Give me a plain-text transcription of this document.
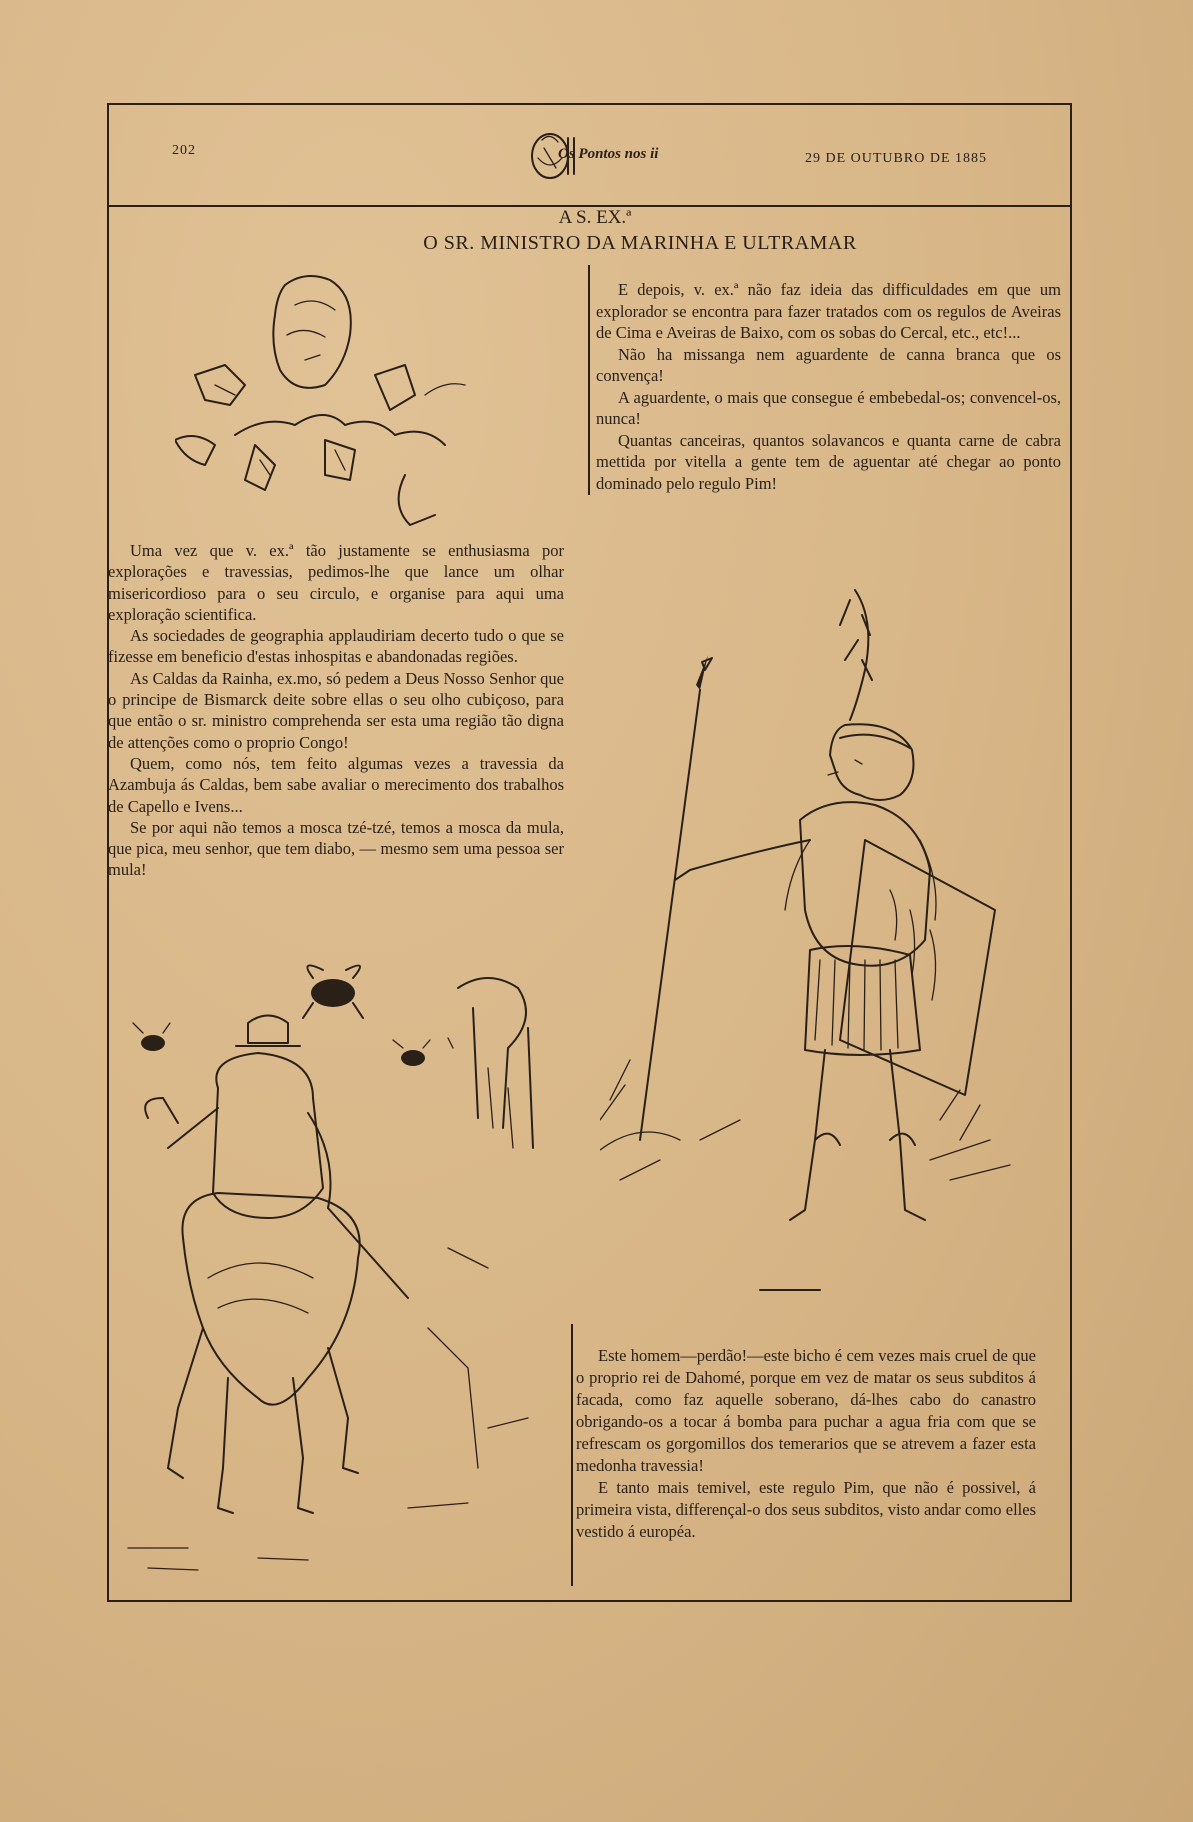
202	Os Pontos nos ii	29 DE OUTUBRO DE 1885
A S. EX.ª
O SR. MINISTRO DA MARINHA E ULTRAMAR

Uma vez que v. ex.ª tão justamente se enthusiasma por explorações e travessias, pedimos-lhe que lance um olhar misericordioso para o seu circulo, e organise para aqui uma exploração scientifica.

As sociedades de geographia applaudiriam decerto tudo o que se fizesse em beneficio d'estas inhospitas e abandonadas regiões.

As Caldas da Rainha, ex.mo, só pedem a Deus Nosso Senhor que o principe de Bismarck deite sobre ellas o seu olho cubiçoso, para que então o sr. ministro comprehenda ser esta uma região tão digna de attenções como o proprio Congo!

Quem, como nós, tem feito algumas vezes a travessia da Azambuja ás Caldas, bem sabe avaliar o merecimento dos trabalhos de Capello e Ivens...

Se por aqui não temos a mosca tzé-tzé, temos a mosca da mula, que pica, meu senhor, que tem diabo, — mesmo sem uma pessoa ser mula!

E depois, v. ex.ª não faz ideia das difficuldades em que um explorador se encontra para fazer tratados com os regulos de Aveiras de Cima e Aveiras de Baixo, com os sobas do Cercal, etc., etc!...

Não ha missanga nem aguardente de canna branca que os convença!

A aguardente, o mais que consegue é embebedal-os; convencel-os, nunca!

Quantas canceiras, quantos solavancos e quanta carne de cabra mettida por vitella a gente tem de aguentar até chegar ao ponto dominado pelo regulo Pim!

Este homem—perdão!—este bicho é cem vezes mais cruel de que o proprio rei de Dahomé, porque em vez de matar os seus subditos á facada, como faz aquelle soberano, dá-lhes cabo do canastro obrigando-os a tocar á bomba para puchar a agua fria com que se refrescam os gorgomillos dos temerarios que se atrevem a fazer esta medonha travessia!

E tanto mais temivel, este regulo Pim, que não é possivel, á primeira vista, differençal-o dos seus subditos, visto andar como elles vestido á européa.
